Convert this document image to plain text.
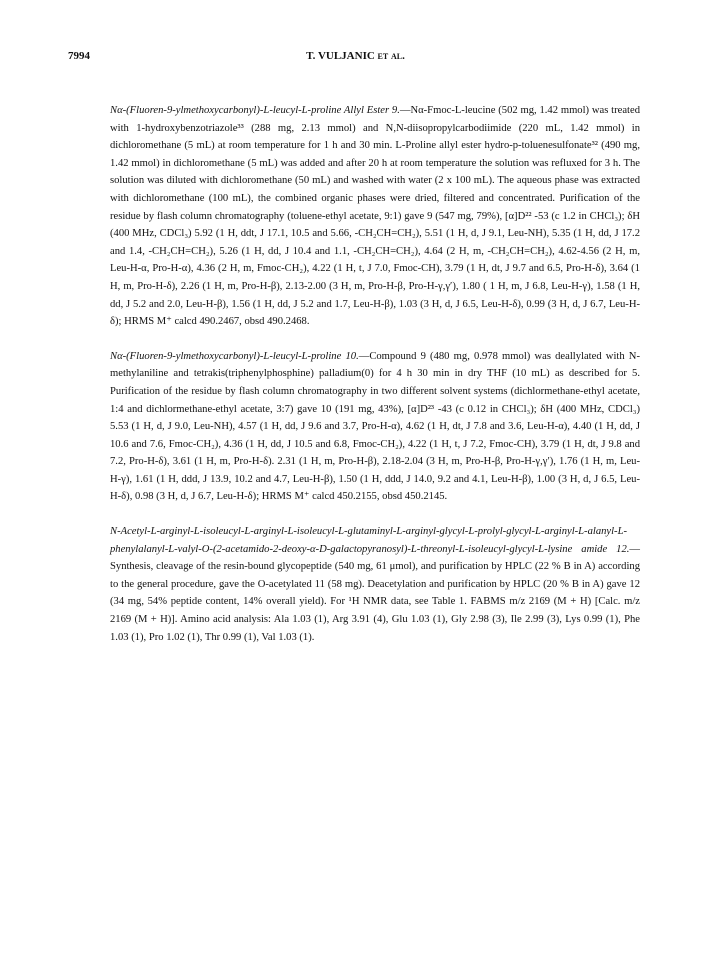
7994	T. VULJANIC et al.

Nα-(Fluoren-9-ylmethoxycarbonyl)-L-leucyl-L-proline Allyl Ester 9.—Nα-Fmoc-L-leucine (502 mg, 1.42 mmol) was treated with 1-hydroxybenzotriazole³³ (288 mg, 2.13 mmol) and N,N-diisopropylcarbodiimide (220 mL, 1.42 mmol) in dichloromethane (5 mL) at room temperature for 1 h and 30 min. L-Proline allyl ester hydro-p-toluenesulfonate³² (490 mg, 1.42 mmol) in dichloromethane (5 mL) was added and after 20 h at room temperature the solution was refluxed for 3 h. The solution was diluted with dichloromethane (50 mL) and washed with water (2 x 100 mL). The aqueous phase was extracted with dichloromethane (100 mL), the combined organic phases were dried, filtered and concentrated. Purification of the residue by flash column chromatography (toluene-ethyl acetate, 9:1) gave 9 (547 mg, 79%), [α]D²² -53 (c 1.2 in CHCl₃); δH (400 MHz, CDCl₃) 5.92 (1 H, ddt, J 17.1, 10.5 and 5.66, -CH₂CH=CH₂), 5.51 (1 H, d, J 9.1, Leu-NH), 5.35 (1 H, dd, J 17.2 and 1.4, -CH₂CH=CH₂), 5.26 (1 H, dd, J 10.4 and 1.1, -CH₂CH=CH₂), 4.64 (2 H, m, -CH₂CH=CH₂), 4.62-4.56 (2 H, m, Leu-H-α, Pro-H-α), 4.36 (2 H, m, Fmoc-CH₂), 4.22 (1 H, t, J 7.0, Fmoc-CH), 3.79 (1 H, dt, J 9.7 and 6.5, Pro-H-δ), 3.64 (1 H, m, Pro-H-δ), 2.26 (1 H, m, Pro-H-β), 2.13-2.00 (3 H, m, Pro-H-β, Pro-H-γ,γ′), 1.80 ( 1 H, m, J 6.8, Leu-H-γ), 1.58 (1 H, dd, J 5.2 and 2.0, Leu-H-β), 1.56 (1 H, dd, J 5.2 and 1.7, Leu-H-β), 1.03 (3 H, d, J 6.5, Leu-H-δ), 0.99 (3 H, d, J 6.7, Leu-H-δ); HRMS M⁺ calcd 490.2467, obsd 490.2468.

Nα-(Fluoren-9-ylmethoxycarbonyl)-L-leucyl-L-proline 10.—Compound 9 (480 mg, 0.978 mmol) was deallylated with N-methylaniline and tetrakis(triphenylphosphine) palladium(0) for 4 h 30 min in dry THF (10 mL) as described for 5. Purification of the residue by flash column chromatography in two different solvent systems (dichlormethane-ethyl acetate, 1:4 and dichlormethane-ethyl acetate, 3:7) gave 10 (191 mg, 43%), [α]D²³ -43 (c 0.12 in CHCl₃); δH (400 MHz, CDCl₃) 5.53 (1 H, d, J 9.0, Leu-NH), 4.57 (1 H, dd, J 9.6 and 3.7, Pro-H-α), 4.62 (1 H, dt, J 7.8 and 3.6, Leu-H-α), 4.40 (1 H, dd, J 10.6 and 7.6, Fmoc-CH₂), 4.36 (1 H, dd, J 10.5 and 6.8, Fmoc-CH₂), 4.22 (1 H, t, J 7.2, Fmoc-CH), 3.79 (1 H, dt, J 9.8 and 7.2, Pro-H-δ), 3.61 (1 H, m, Pro-H-δ). 2.31 (1 H, m, Pro-H-β), 2.18-2.04 (3 H, m, Pro-H-β, Pro-H-γ,γ′), 1.76 (1 H, m, Leu-H-γ), 1.61 (1 H, ddd, J 13.9, 10.2 and 4.7, Leu-H-β), 1.50 (1 H, ddd, J 14.0, 9.2 and 4.1, Leu-H-β), 1.00 (3 H, d, J 6.5, Leu-H-δ), 0.98 (3 H, d, J 6.7, Leu-H-δ); HRMS M⁺ calcd 450.2155, obsd 450.2145.

N-Acetyl-L-arginyl-L-isoleucyl-L-arginyl-L-isoleucyl-L-glutaminyl-L-arginyl-glycyl-L-prolyl-glycyl-L-arginyl-L-alanyl-L-phenylalanyl-L-valyl-O-(2-acetamido-2-deoxy-α-D-galactopyranosyl)-L-threonyl-L-isoleucyl-glycyl-L-lysine amide 12.—Synthesis, cleavage of the resin-bound glycopeptide (540 mg, 61 μmol), and purification by HPLC (22 % B in A) according to the general procedure, gave the O-acetylated 11 (58 mg). Deacetylation and purification by HPLC (20 % B in A) gave 12 (34 mg, 54% peptide content, 14% overall yield). For ¹H NMR data, see Table 1. FABMS m/z 2169 (M + H) [Calc. m/z 2169 (M + H)]. Amino acid analysis: Ala 1.03 (1), Arg 3.91 (4), Glu 1.03 (1), Gly 2.98 (3), Ile 2.99 (3), Lys 0.99 (1), Phe 1.03 (1), Pro 1.02 (1), Thr 0.99 (1), Val 1.03 (1).
